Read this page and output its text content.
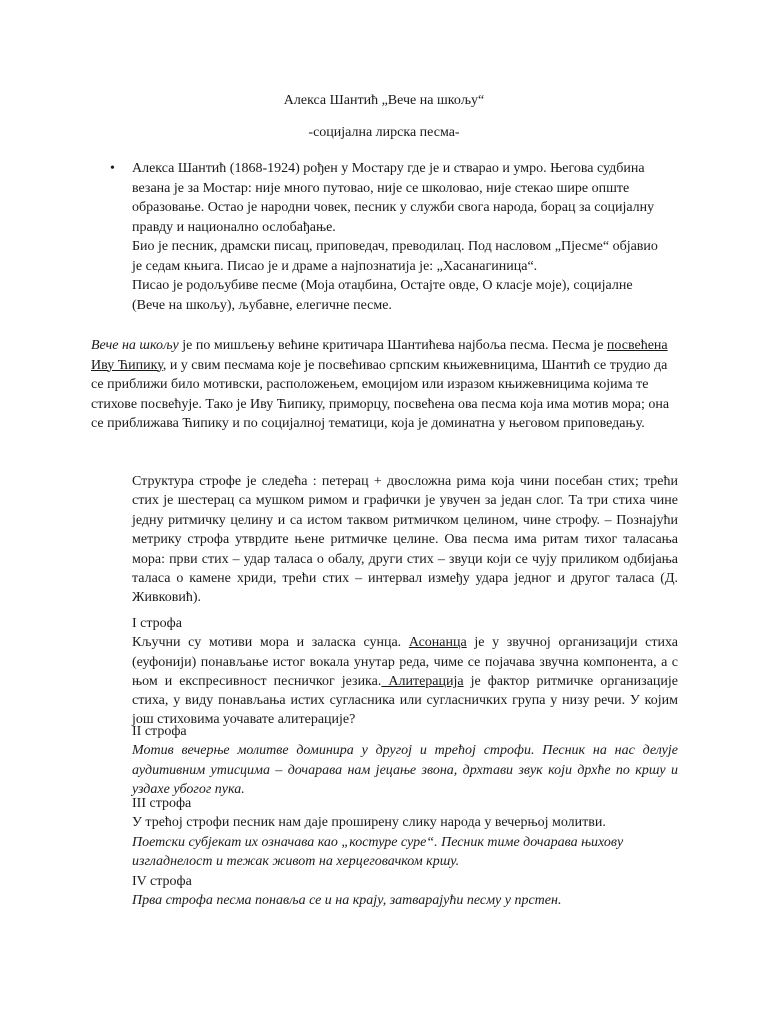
Алекса Шантић „Вече на шкољу“
-социјална лирска песма-
• Алекса Шантић (1868-1924) рођен у Мостару где је и стварао и умро. Његова судбина везана је за Мостар: није много путовао, није се школовао, није стекао шире опште образовање. Остао је народни човек, песник у служби свога народа, борац за социјалну правду и национално ослобађање.

Био је песник, драмски писац, приповедач, преводилац. Под насловом „Пјесме“ објавио је седам књига. Писао је и драме а најпознатија је: „Хасанагиница“.

Писао је родољубиве песме (Моја отаџбина, Остајте овде, О класје моје), социјалне (Вече на шкољу), љубавне, елегичне песме.

Вече на шкољу је по мишљењу већине критичара Шантићева најбоља песма. Песма је посвећена Иву Ћипику, и у свим песмама које је посвећивао српским књижевницима, Шантић се трудио да се приближи било мотивски, расположењем, емоцијом или изразом књижевницима којима те стихове посвећује. Тако је Иву Ћипику, приморцу, посвећена ова песма која има мотив мора; она се приближава Ћипику и по социјалној тематици, која је доминатна у његовом приповедању.
Структура строфе је следећа : петерац + двосложна рима која чини посебан стих; трећи стих је шестерац са мушком римом и графички је увучен за један слог. Та три стиха чине једну ритмичку целину и са истом таквом ритмичком целином, чине строфу. – Познајући метрику строфа утврдите њене ритмичке целине. Ова песма има ритам тихог таласања мора: први стих – удар таласа о обалу, други стих – звуци који се чују приликом одбијања таласа о камене хриди, трећи стих – интервал између удара једног и другог таласа (Д. Живковић).

I строфа

Кључни су мотиви мора и заласка сунца. Асонанца је у звучној организацији стиха (еуфонији) понављање истог вокала унутар реда, чиме се појачава звучна компонента, а с њом и експресивност песничког језика. Алитерација је фактор ритмичке организације стиха, у виду понављања истих сугласника или сугласничких група у низу речи. У којим још стиховима уочавате алитерације?

II строфа

Мотив вечерње молитве доминира у другој и трећој строфи. Песник на нас делује аудитивним утисцима – дочарава нам јецање звона, дрхтави звук који дрхће по кршу и уздахе убогог пука.

III строфа

У трећој строфи песник нам даје проширену слику народа у вечерњој молитви.

Поетски субјекат их означава као „костуре суре“. Песник тиме дочарава њихову изгладнелост и тежак живот на херцеговачком кршу.

IV строфа

Прва строфа песма понавља се и на крају, затварајући песму у прстен.
